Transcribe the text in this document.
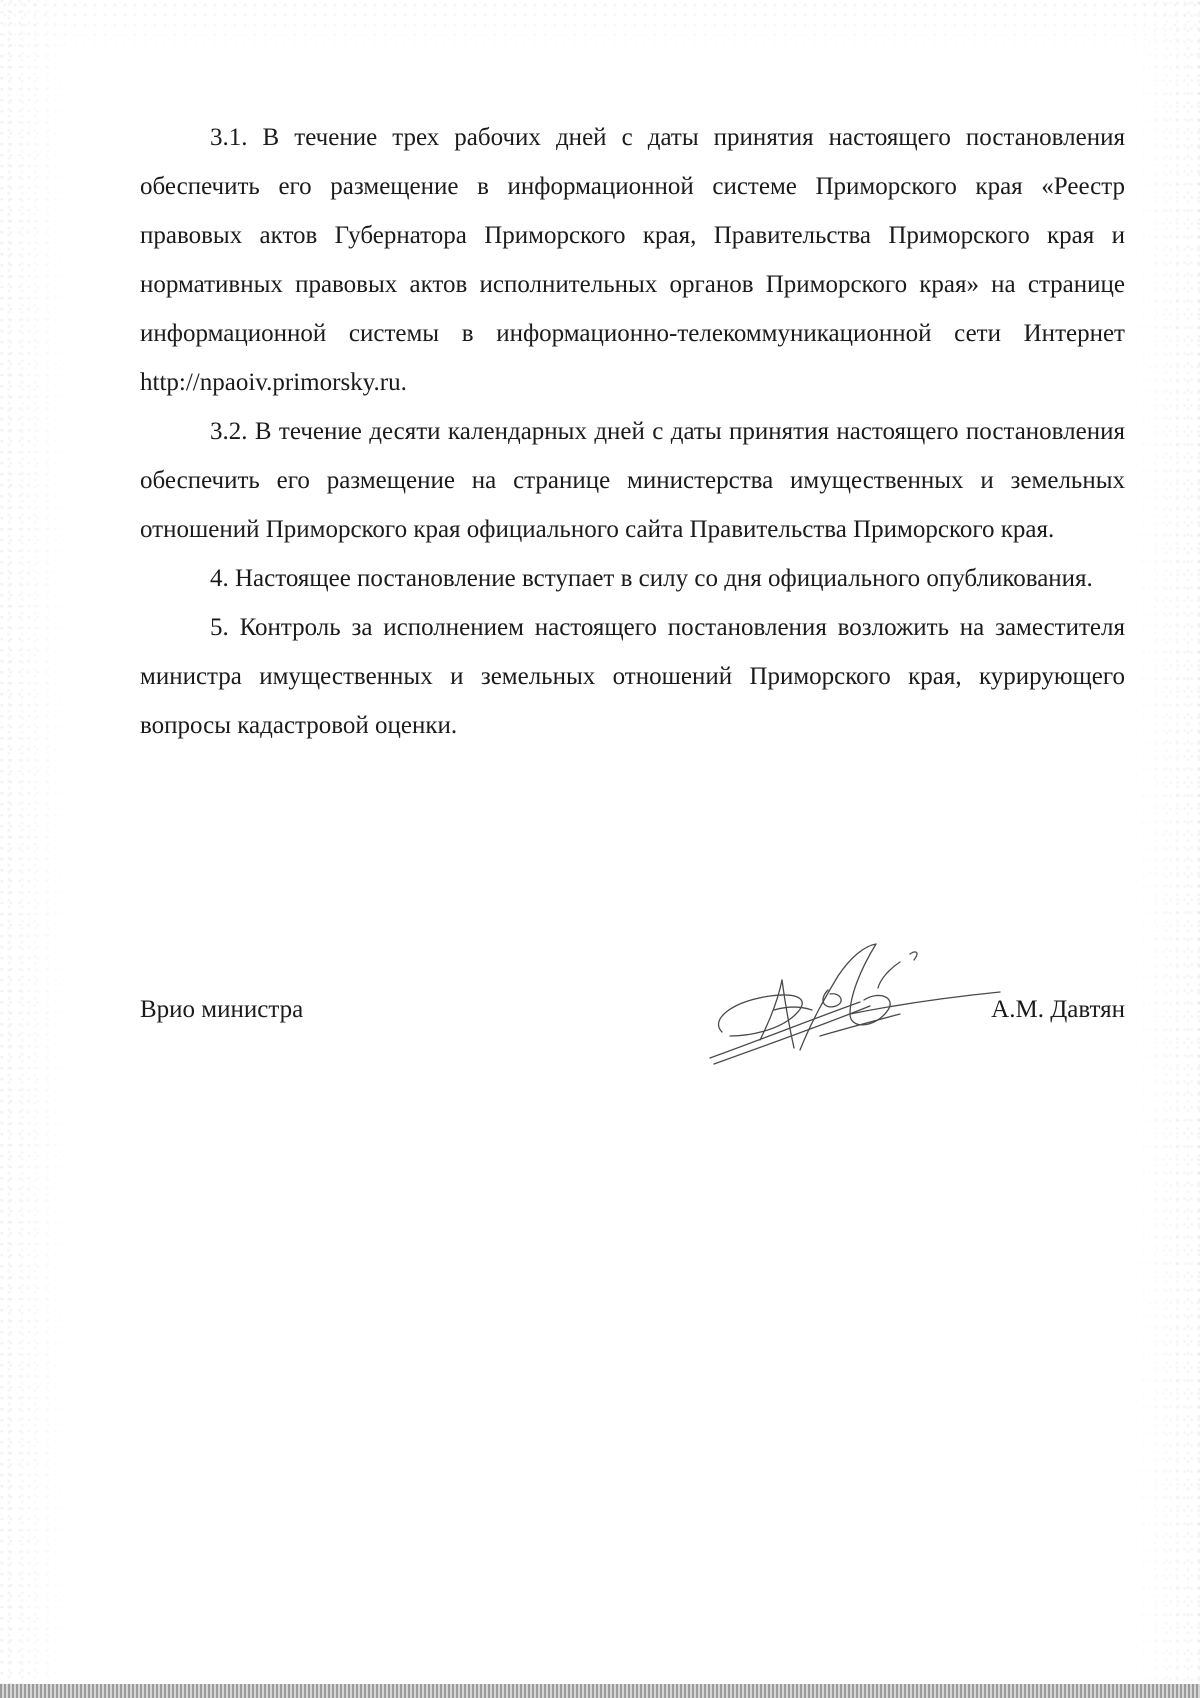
3.1. В течение трех рабочих дней с даты принятия настоящего постановления обеспечить его размещение в информационной системе Приморского края «Реестр правовых актов Губернатора Приморского края, Правительства Приморского края и нормативных правовых актов исполнительных органов Приморского края» на странице информационной системы в информационно-телекоммуникационной сети Интернет http://npaoiv.primorsky.ru.

3.2. В течение десяти календарных дней с даты принятия настоящего постановления обеспечить его размещение на странице министерства имущественных и земельных отношений Приморского края официального сайта Правительства Приморского края.

4. Настоящее постановление вступает в силу со дня официального опубликования.

5. Контроль за исполнением настоящего постановления возложить на заместителя министра имущественных и земельных отношений Приморского края, курирующего вопросы кадастровой оценки.

Врио министра	А.М. Давтян
